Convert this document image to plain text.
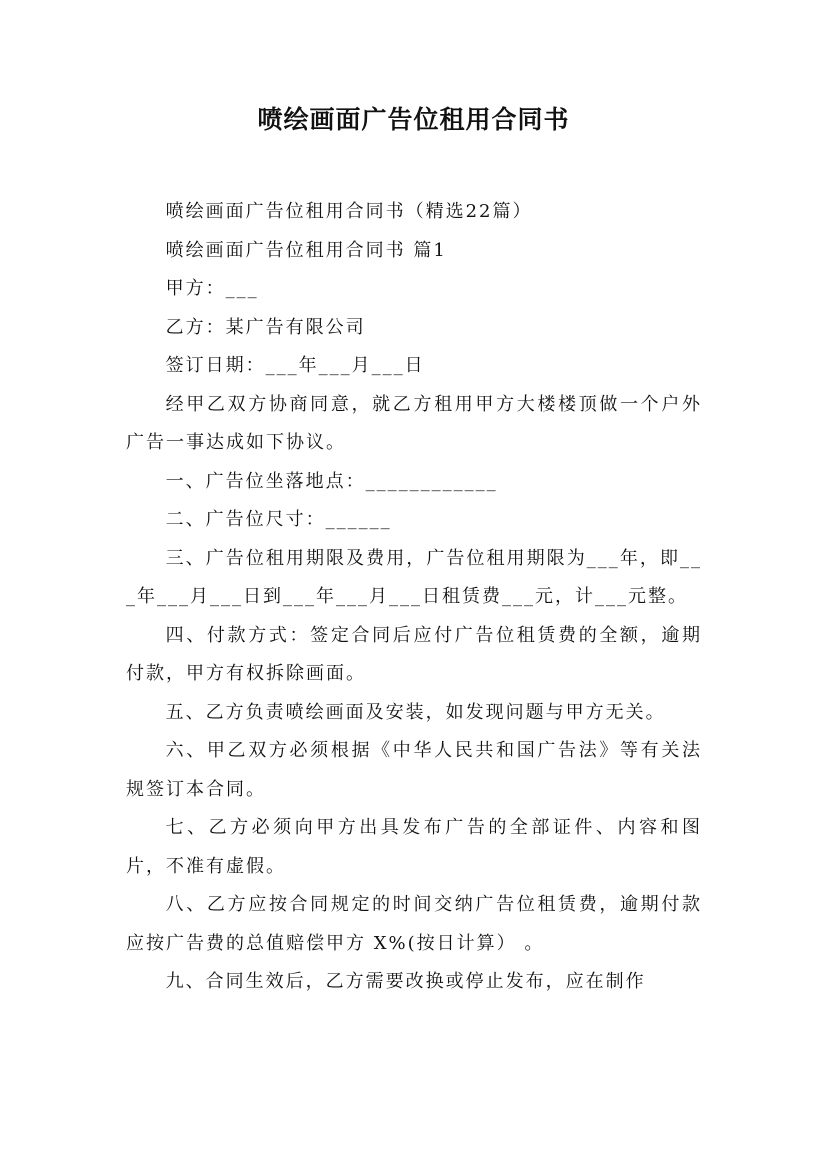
喷绘画面广告位租用合同书

喷绘画面广告位租用合同书（精选22篇）

喷绘画面广告位租用合同书 篇1

甲方：___

乙方：某广告有限公司

签订日期：___年___月___日

经甲乙双方协商同意，就乙方租用甲方大楼楼顶做一个户外广告一事达成如下协议。

一、广告位坐落地点：____________

二、广告位尺寸：______

三、广告位租用期限及费用，广告位租用期限为___年，即___年___月___日到___年___月___日租赁费___元，计___元整。

四、付款方式：签定合同后应付广告位租赁费的全额，逾期付款，甲方有权拆除画面。

五、乙方负责喷绘画面及安装，如发现问题与甲方无关。

六、甲乙双方必须根据《中华人民共和国广告法》等有关法规签订本合同。

七、乙方必须向甲方出具发布广告的全部证件、内容和图片，不准有虚假。

八、乙方应按合同规定的时间交纳广告位租赁费，逾期付款应按广告费的总值赔偿甲方 X%(按日计算） 。

九、合同生效后，乙方需要改换或停止发布，应在制作
